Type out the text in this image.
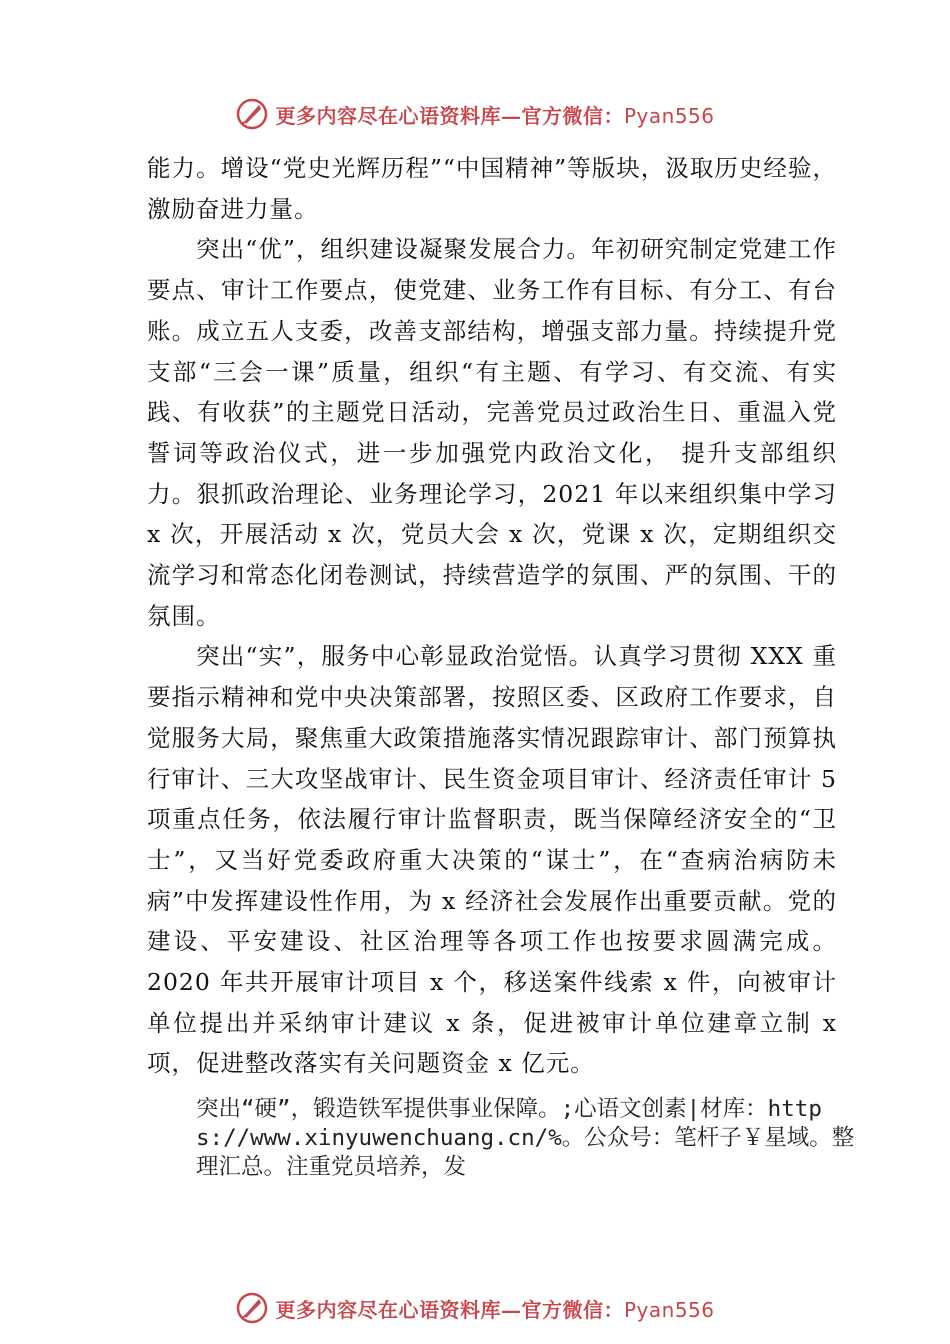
更多内容尽在心语资料库—官方微信：Pyan556

能力。增设“党史光辉历程”“中国精神”等版块，汲取历史经验，激励奋进力量。

突出“优”，组织建设凝聚发展合力。年初研究制定党建工作要点、审计工作要点，使党建、业务工作有目标、有分工、有台账。成立五人支委，改善支部结构，增强支部力量。持续提升党支部“三会一课”质量，组织“有主题、有学习、有交流、有实践、有收获”的主题党日活动，完善党员过政治生日、重温入党誓词等政治仪式，进一步加强党内政治文化， 提升支部组织力。狠抓政治理论、业务理论学习，2021 年以来组织集中学习 x 次，开展活动 x 次，党员大会 x 次，党课 x 次，定期组织交流学习和常态化闭卷测试，持续营造学的氛围、严的氛围、干的氛围。

突出“实”，服务中心彰显政治觉悟。认真学习贯彻 XXX 重要指示精神和党中央决策部署，按照区委、区政府工作要求，自觉服务大局，聚焦重大政策措施落实情况跟踪审计、部门预算执行审计、三大攻坚战审计、民生资金项目审计、经济责任审计 5 项重点任务，依法履行审计监督职责，既当保障经济安全的“卫士”，又当好党委政府重大决策的“谋士”，在“查病治病防未病”中发挥建设性作用，为 x 经济社会发展作出重要贡献。党的建设、平安建设、社区治理等各项工作也按要求圆满完成。2020 年共开展审计项目 x 个，移送案件线索 x 件，向被审计单位提出并采纳审计建议 x 条，促进被审计单位建章立制 x 项，促进整改落实有关问题资金 x 亿元。

突出“硬”，锻造铁军提供事业保障。;心语文创素|材库：https://www.xinyuwenchuang.cn/%。公众号：笔杆子￥星域。整理汇总。注重党员培养，发
更多内容尽在心语资料库—官方微信：Pyan556
